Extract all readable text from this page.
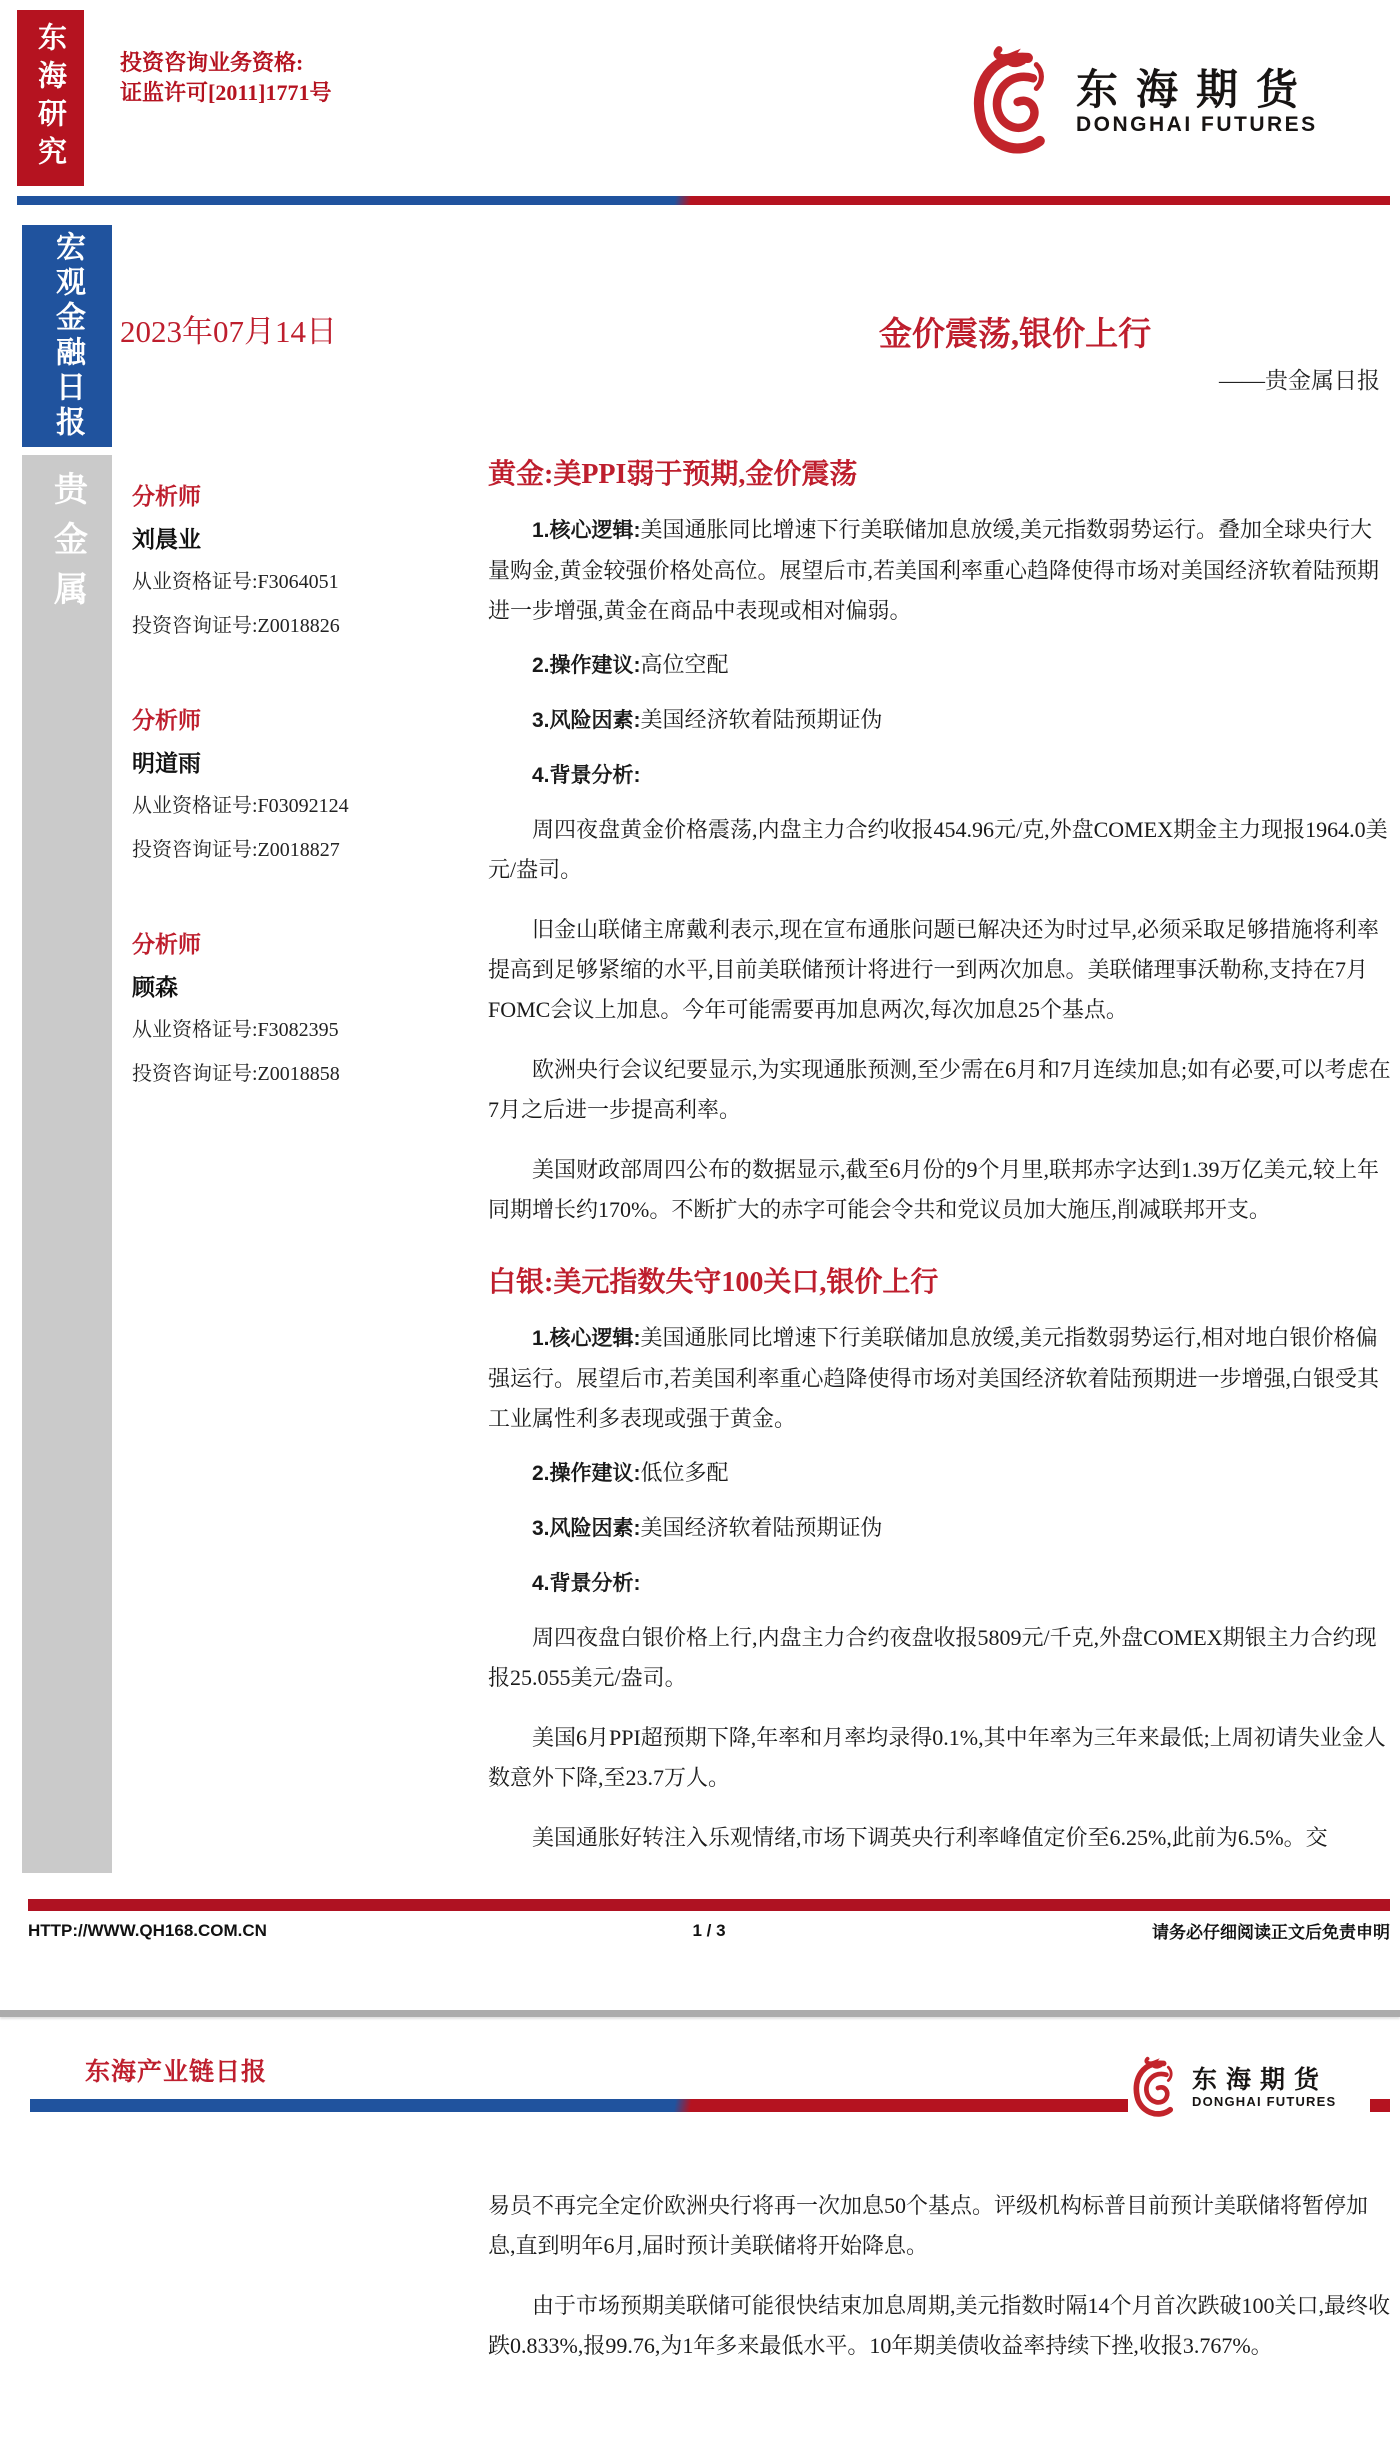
东海研究 投资咨询业务资格:
证监许可[2011]1771号	东海期货
DONGHAI FUTURES
宏观金融日报
贵金属
2023年07月14日	金价震荡,银价上行
——贵金属日报
分析师
刘晨业
从业资格证号:F3064051
投资咨询证号:Z0018826
分析师
明道雨
从业资格证号:F03092124
投资咨询证号:Z0018827
分析师
顾森
从业资格证号:F3082395
投资咨询证号:Z0018858
黄金:美PPI弱于预期,金价震荡

1.核心逻辑:美国通胀同比增速下行美联储加息放缓,美元指数弱势运行。叠加全球央行大量购金,黄金较强价格处高位。展望后市,若美国利率重心趋降使得市场对美国经济软着陆预期进一步增强,黄金在商品中表现或相对偏弱。

2.操作建议:高位空配

3.风险因素:美国经济软着陆预期证伪

4.背景分析:

周四夜盘黄金价格震荡,内盘主力合约收报454.96元/克,外盘COMEX期金主力现报1964.0美元/盎司。

旧金山联储主席戴利表示,现在宣布通胀问题已解决还为时过早,必须采取足够措施将利率提高到足够紧缩的水平,目前美联储预计将进行一到两次加息。美联储理事沃勒称,支持在7月FOMC会议上加息。今年可能需要再加息两次,每次加息25个基点。

欧洲央行会议纪要显示,为实现通胀预测,至少需在6月和7月连续加息;如有必要,可以考虑在7月之后进一步提高利率。

美国财政部周四公布的数据显示,截至6月份的9个月里,联邦赤字达到1.39万亿美元,较上年同期增长约170%。不断扩大的赤字可能会令共和党议员加大施压,削减联邦开支。

白银:美元指数失守100关口,银价上行

1.核心逻辑:美国通胀同比增速下行美联储加息放缓,美元指数弱势运行,相对地白银价格偏强运行。展望后市,若美国利率重心趋降使得市场对美国经济软着陆预期进一步增强,白银受其工业属性利多表现或强于黄金。

2.操作建议:低位多配

3.风险因素:美国经济软着陆预期证伪

4.背景分析:

周四夜盘白银价格上行,内盘主力合约夜盘收报5809元/千克,外盘COMEX期银主力合约现报25.055美元/盎司。

美国6月PPI超预期下降,年率和月率均录得0.1%,其中年率为三年来最低;上周初请失业金人数意外下降,至23.7万人。

美国通胀好转注入乐观情绪,市场下调英央行利率峰值定价至6.25%,此前为6.5%。交

HTTP://WWW.QH168.COM.CN	1 / 3	请务必仔细阅读正文后免责申明
东海产业链日报	东海期货
DONGHAI FUTURES

易员不再完全定价欧洲央行将再一次加息50个基点。评级机构标普目前预计美联储将暂停加息,直到明年6月,届时预计美联储将开始降息。

由于市场预期美联储可能很快结束加息周期,美元指数时隔14个月首次跌破100关口,最终收跌0.833%,报99.76,为1年多来最低水平。10年期美债收益率持续下挫,收报3.767%。
